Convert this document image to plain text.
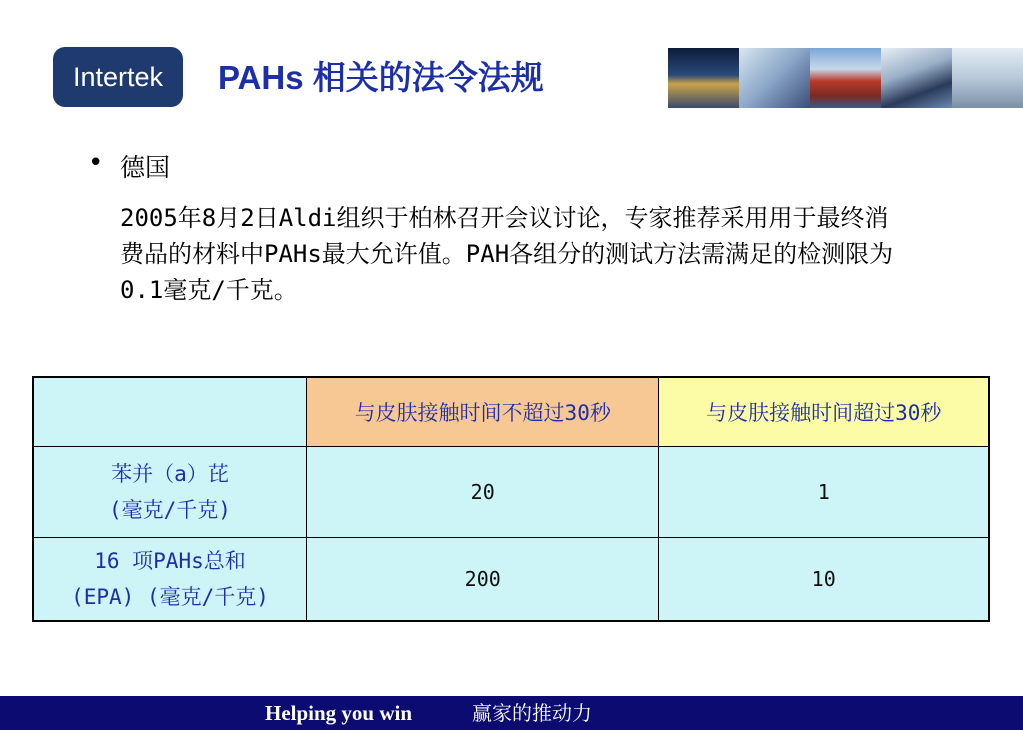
Intertek	PAHs 相关的法令法规
• 德国

2005年8月2日Aldi组织于柏林召开会议讨论，专家推荐采用用于最终消费品的材料中PAHs最大允许值。PAH各组分的测试方法需满足的检测限为0.1毫克/千克。

	与皮肤接触时间不超过30秒	与皮肤接触时间超过30秒

苯并（a）芘
(毫克/千克)	20	1

16 项PAHs总和
(EPA) (毫克/千克)	200	10
Helping you win	赢家的推动力
